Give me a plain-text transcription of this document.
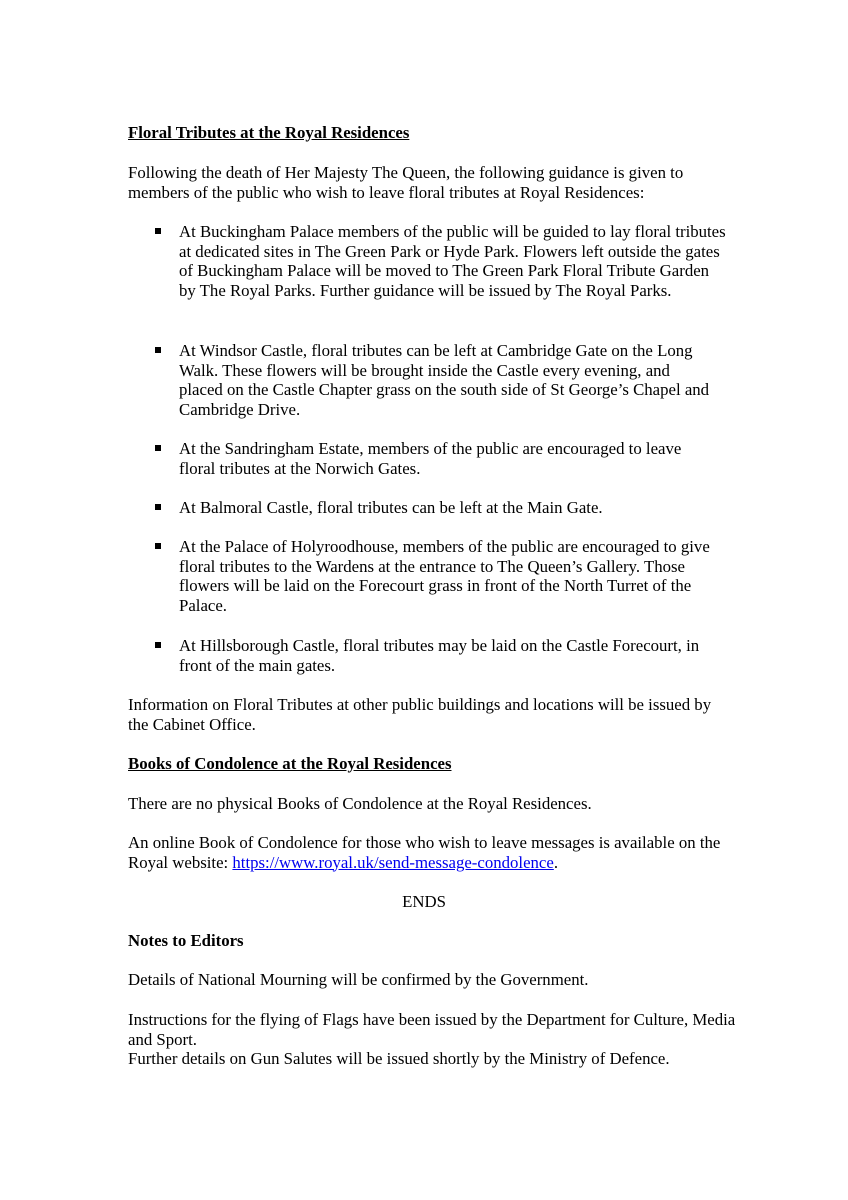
Floral Tributes at the Royal Residences

Following the death of Her Majesty The Queen, the following guidance is given to members of the public who wish to leave floral tributes at Royal Residences:

At Buckingham Palace members of the public will be guided to lay floral tributes at dedicated sites in The Green Park or Hyde Park. Flowers left outside the gates of Buckingham Palace will be moved to The Green Park Floral Tribute Garden by The Royal Parks. Further guidance will be issued by The Royal Parks.

At Windsor Castle, floral tributes can be left at Cambridge Gate on the Long Walk. These flowers will be brought inside the Castle every evening, and placed on the Castle Chapter grass on the south side of St George’s Chapel and Cambridge Drive.

At the Sandringham Estate, members of the public are encouraged to leave floral tributes at the Norwich Gates.

At Balmoral Castle, floral tributes can be left at the Main Gate.

At the Palace of Holyroodhouse, members of the public are encouraged to give floral tributes to the Wardens at the entrance to The Queen’s Gallery. Those flowers will be laid on the Forecourt grass in front of the North Turret of the Palace.

At Hillsborough Castle, floral tributes may be laid on the Castle Forecourt, in front of the main gates.

Information on Floral Tributes at other public buildings and locations will be issued by the Cabinet Office.

Books of Condolence at the Royal Residences

There are no physical Books of Condolence at the Royal Residences.

An online Book of Condolence for those who wish to leave messages is available on the Royal website: https://www.royal.uk/send-message-condolence.

ENDS

Notes to Editors

Details of National Mourning will be confirmed by the Government.

Instructions for the flying of Flags have been issued by the Department for Culture, Media and Sport.

Further details on Gun Salutes will be issued shortly by the Ministry of Defence.
